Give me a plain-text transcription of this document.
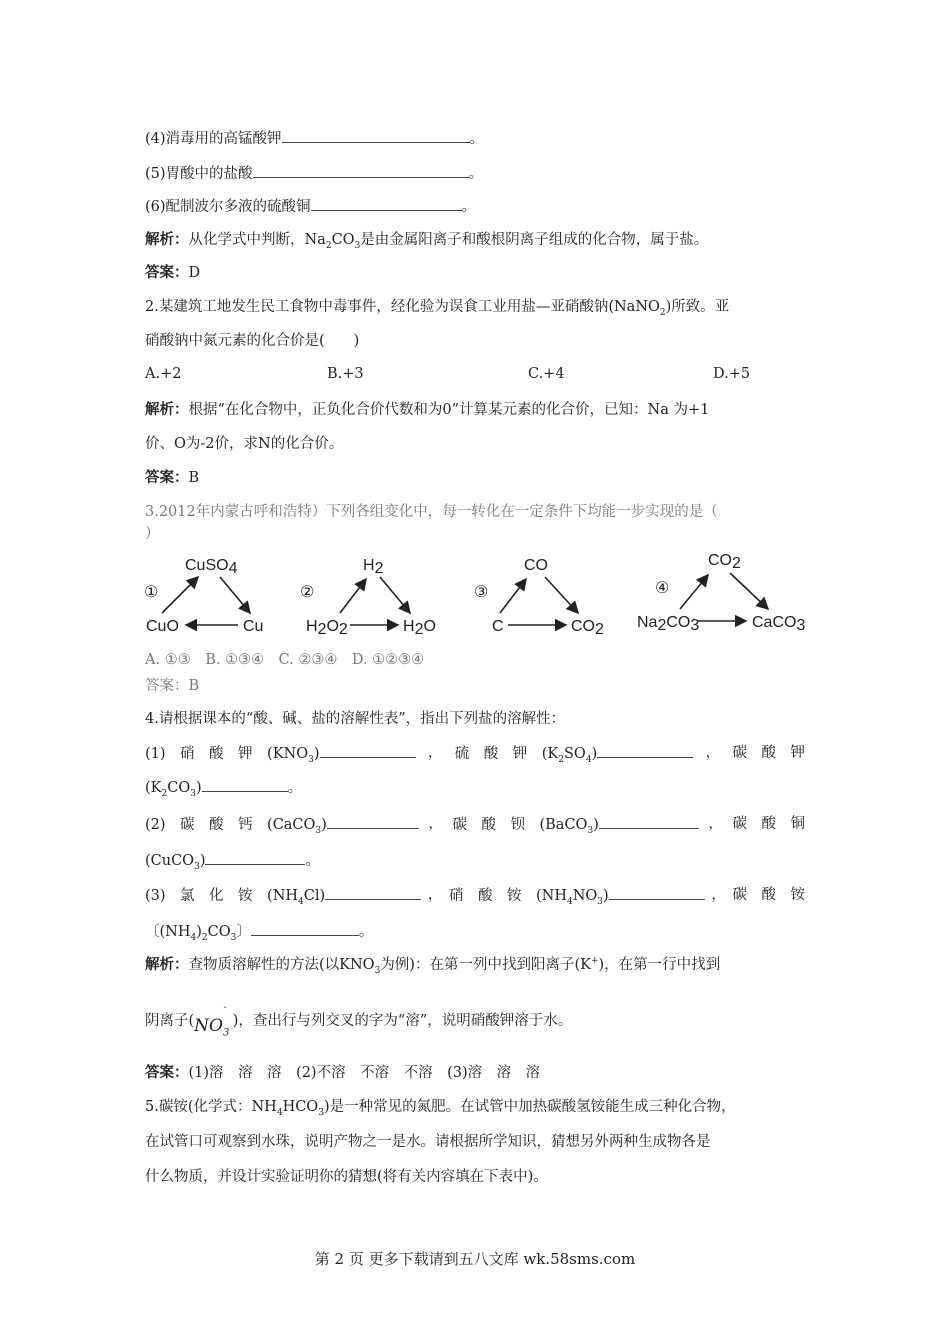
(4)消毒用的高锰酸钾	。
(5)胃酸中的盐酸	。
(6)配制波尔多液的硫酸铜	。
解析：从化学式中判断，$Na_2CO_3$是由金属阳离子和酸根阴离子组成的化合物，属于盐。
答案：D
2.某建筑工地发生民工食物中毒事件，经化验为误食工业用盐—亚硝酸钠(NaNO$_2$)所致。亚
硝酸钠中氮元素的化合价是(　　)
A.+2	B.+3	C.+4	D.+5
解析：根据“在化合物中，正负化合价代数和为0”计算某元素的化合价，已知：Na 为+1
价、O为-2价，求N的化合价。
答案：B
3.2012年内蒙古呼和浩特）下列各组变化中，每一转化在一定条件下均能一步实现的是（
）
①
CuSO4
CuO	Cu
②
H2
H2O2	H2O
③
CO
C	CO2
④
CO2
Na2CO3	CaCO3
A. ①③　B. ①③④　C. ②③④　D. ①②③④
答案：B
4.请根据课本的“酸、碱、盐的溶解性表”，指出下列盐的溶解性：
(1)　硝　酸　钾　$(KNO_3)$	， 硫　酸　钾　$(K_2SO_4)$	， 碳　酸　钾
$(K_2CO_3)$	。
(2)　碳　酸　钙　(CaCO$_3$)	， 碳　酸　钡　(BaCO$_3$)	， 碳　酸　铜
(CuCO$_3$)	。
(3)　氯　化　铵　$(NH_4Cl)$	， 硝　酸　铵　$(NH_4NO_3)$	， 碳　酸　铵
〔$(NH_4)_2CO_3$〕	。
解析：查物质溶解性的方法(以$KNO_3$为例)：在第一列中找到阳离子(K+)，在第一行中找到
阴离子$(NO_3^-)$，查出行与列交叉的字为“溶”，说明硝酸钾溶于水。
答案：(1)溶　溶　溶　(2)不溶　不溶　不溶　(3)溶　溶　溶
5.碳铵(化学式：$NH_4HCO_3$)是一种常见的氮肥。在试管中加热碳酸氢铵能生成三种化合物，
在试管口可观察到水珠，说明产物之一是水。请根据所学知识，猜想另外两种生成物各是
什么物质，并设计实验证明你的猜想(将有关内容填在下表中)。
第 2 页 更多下载请到五八文库 wk.58sms.com
